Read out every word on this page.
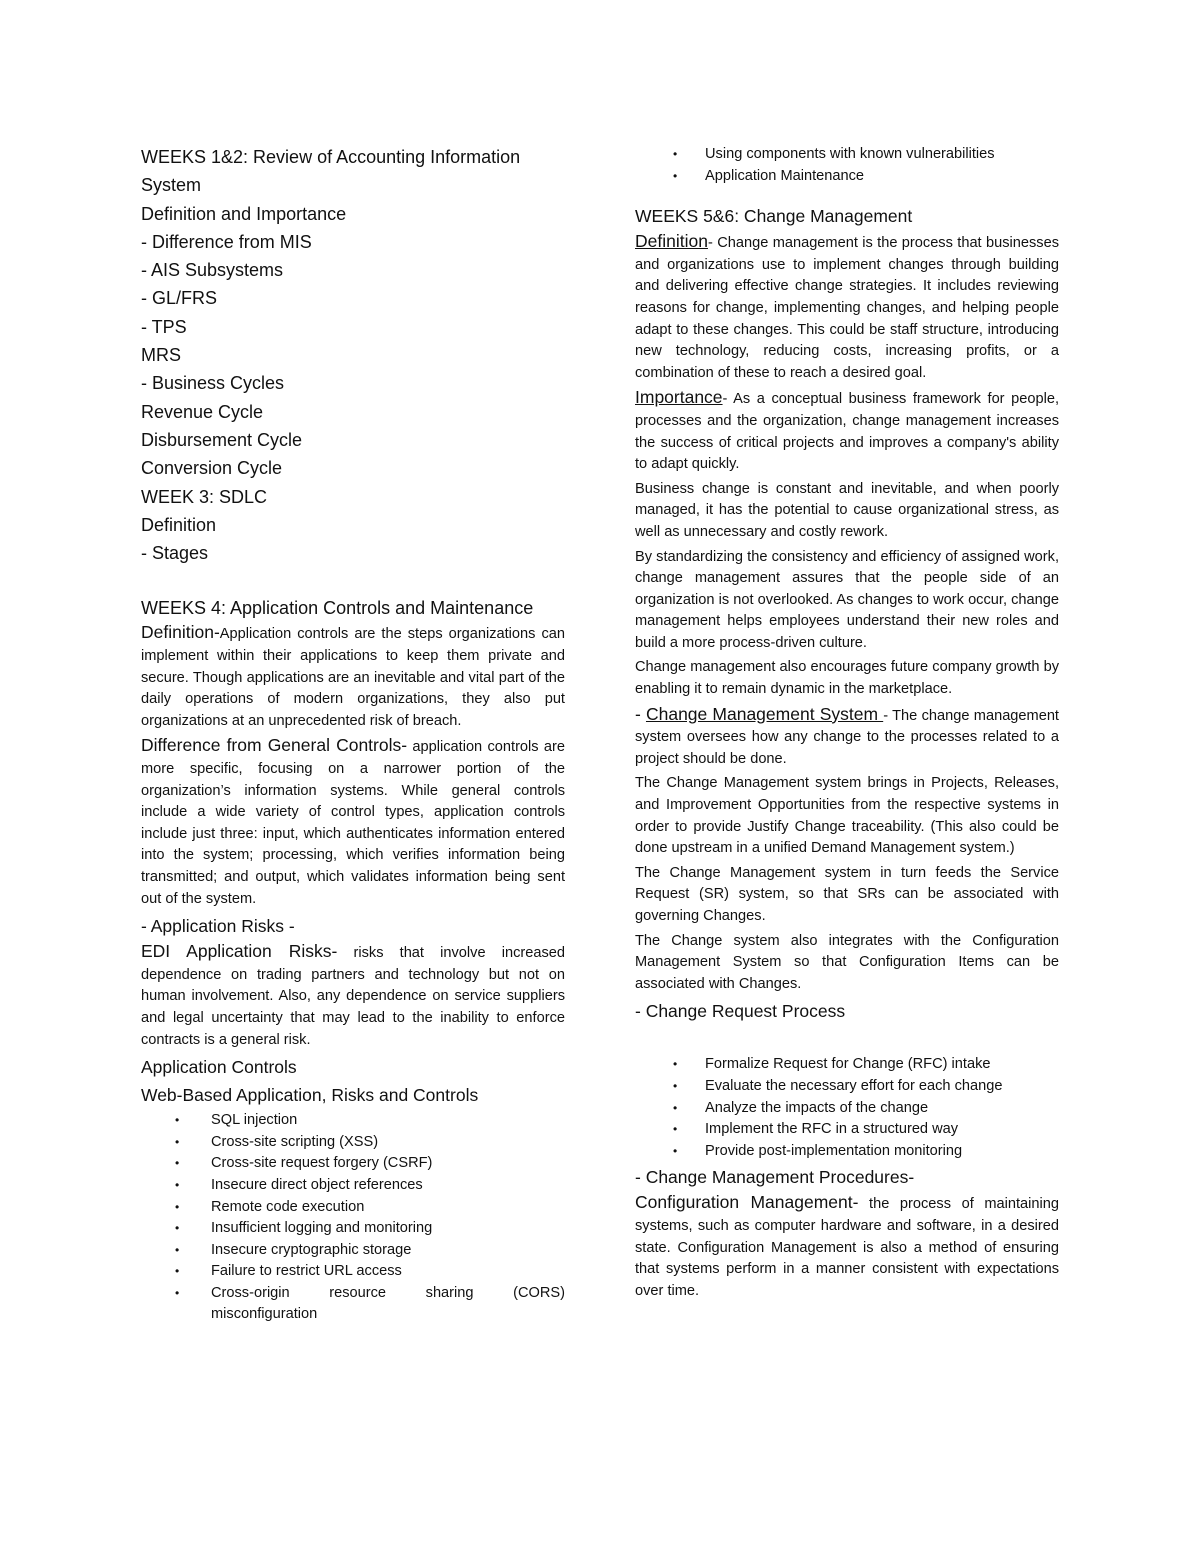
WEEKS 1&2: Review of Accounting Information

System

Definition and Importance

- Difference from MIS

- AIS Subsystems

- GL/FRS

- TPS

MRS

- Business Cycles

Revenue Cycle

Disbursement Cycle

Conversion Cycle

WEEK 3: SDLC

Definition

- Stages

WEEKS 4: Application Controls and Maintenance

Definition-Application controls are the steps organizations can implement within their applications to keep them private and secure. Though applications are an inevitable and vital part of the daily operations of modern organizations, they also put organizations at an unprecedented risk of breach.

Difference from General Controls- application controls are more specific, focusing on a narrower portion of the organization’s information systems. While general controls include a wide variety of control types, application controls include just three: input, which authenticates information entered into the system; processing, which verifies information being transmitted; and output, which validates information being sent out of the system.

- Application Risks -

EDI Application Risks- risks that involve increased dependence on trading partners and technology but not on human involvement. Also, any dependence on service suppliers and legal uncertainty that may lead to the inability to enforce contracts is a general risk.

Application Controls

Web-Based Application, Risks and Controls

• SQL injection
• Cross-site scripting (XSS)
• Cross-site request forgery (CSRF)
• Insecure direct object references
• Remote code execution
• Insufficient logging and monitoring
• Insecure cryptographic storage
• Failure to restrict URL access
• Cross-origin resource sharing (CORS) misconfiguration
• Using components with known vulnerabilities
• Application Maintenance

WEEKS 5&6: Change Management

Definition- Change management is the process that businesses and organizations use to implement changes through building and delivering effective change strategies. It includes reviewing reasons for change, implementing changes, and helping people adapt to these changes. This could be staff structure, introducing new technology, reducing costs, increasing profits, or a combination of these to reach a desired goal.

Importance- As a conceptual business framework for people, processes and the organization, change management increases the success of critical projects and improves a company's ability to adapt quickly.

Business change is constant and inevitable, and when poorly managed, it has the potential to cause organizational stress, as well as unnecessary and costly rework.

By standardizing the consistency and efficiency of assigned work, change management assures that the people side of an organization is not overlooked. As changes to work occur, change management helps employees understand their new roles and build a more process-driven culture.

Change management also encourages future company growth by enabling it to remain dynamic in the marketplace.

- Change Management System - The change management system oversees how any change to the processes related to a project should be done.

The Change Management system brings in Projects, Releases, and Improvement Opportunities from the respective systems in order to provide Justify Change traceability. (This also could be done upstream in a unified Demand Management system.)

The Change Management system in turn feeds the Service Request (SR) system, so that SRs can be associated with governing Changes.

The Change system also integrates with the Configuration Management System so that Configuration Items can be associated with Changes.

- Change Request Process

• Formalize Request for Change (RFC) intake
• Evaluate the necessary effort for each change
• Analyze the impacts of the change
• Implement the RFC in a structured way
• Provide post-implementation monitoring

- Change Management Procedures-

Configuration Management- the process of maintaining systems, such as computer hardware and software, in a desired state. Configuration Management is also a method of ensuring that systems perform in a manner consistent with expectations over time.
